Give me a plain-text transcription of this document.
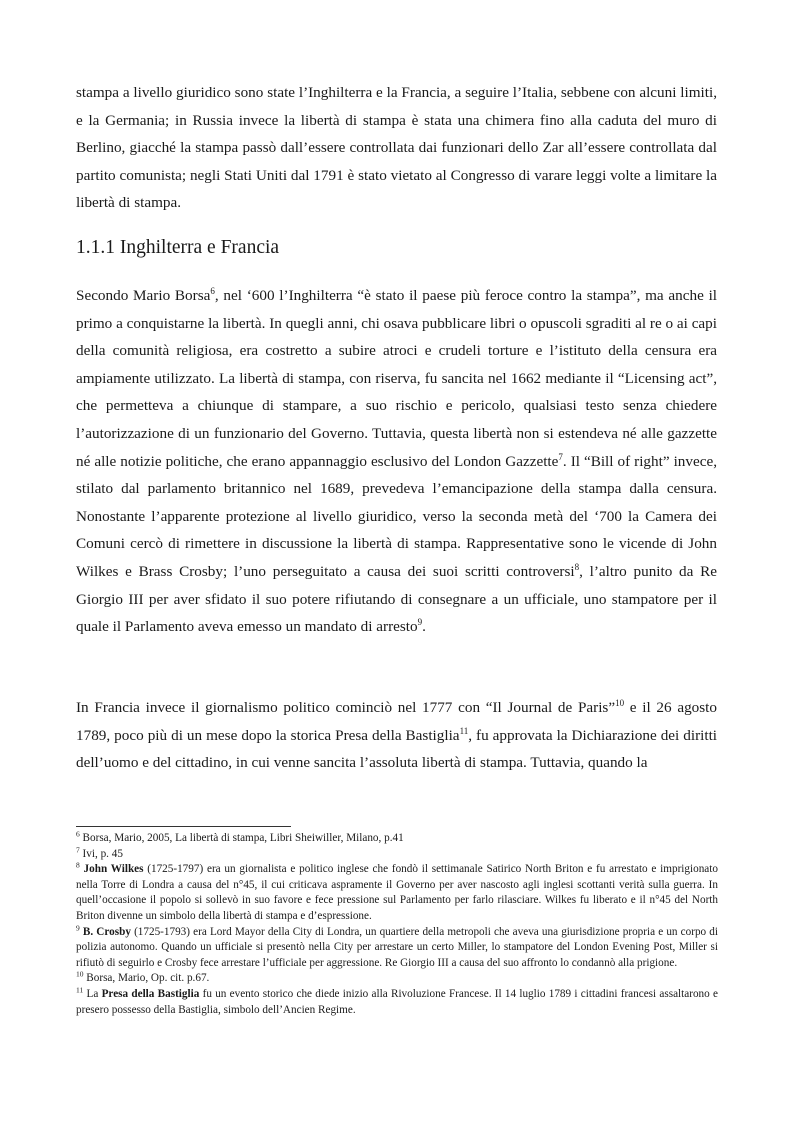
stampa a livello giuridico sono state l’Inghilterra e la Francia, a seguire l’Italia, sebbene con alcuni limiti, e la Germania; in Russia invece la libertà di stampa è stata una chimera fino alla caduta del muro di Berlino, giacché la stampa passò dall’essere controllata dai funzionari dello Zar all’essere controllata dal partito comunista; negli Stati Uniti dal 1791 è stato vietato al Congresso di varare leggi volte a limitare la libertà di stampa.

1.1.1 Inghilterra e Francia

Secondo Mario Borsa$^6$, nel ‘600 l’Inghilterra “è stato il paese più feroce contro la stampa”, ma anche il primo a conquistarne la libertà. In quegli anni, chi osava pubblicare libri o opuscoli sgraditi al re o ai capi della comunità religiosa, era costretto a subire atroci e crudeli torture e l’istituto della censura era ampiamente utilizzato. La libertà di stampa, con riserva, fu sancita nel 1662 mediante il “Licensing act”, che permetteva a chiunque di stampare, a suo rischio e pericolo, qualsiasi testo senza chiedere l’autorizzazione di un funzionario del Governo. Tuttavia, questa libertà non si estendeva né alle gazzette né alle notizie politiche, che erano appannaggio esclusivo del London Gazzette$^7$. Il “Bill of right” invece, stilato dal parlamento britannico nel 1689, prevedeva l’emancipazione della stampa dalla censura. Nonostante l’apparente protezione al livello giuridico, verso la seconda metà del ‘700 la Camera dei Comuni cercò di rimettere in discussione la libertà di stampa. Rappresentative sono le vicende di John Wilkes e Brass Crosby; l’uno perseguitato a causa dei suoi scritti controversi$^8$, l’altro punito da Re Giorgio III per aver sfidato il suo potere rifiutando di consegnare a un ufficiale, uno stampatore per il quale il Parlamento aveva emesso un mandato di arresto$^9$.

In Francia invece il giornalismo politico cominciò nel 1777 con “Il Journal de Paris”$^{10}$ e il 26 agosto 1789, poco più di un mese dopo la storica Presa della Bastiglia$^{11}$, fu approvata la Dichiarazione dei diritti dell’uomo e del cittadino, in cui venne sancita l’assoluta libertà di stampa. Tuttavia, quando la

$^6$ Borsa, Mario, 2005, La libertà di stampa, Libri Sheiwiller, Milano, p.41

$^7$ Ivi, p. 45

$^8$ John Wilkes (1725-1797) era un giornalista e politico inglese che fondò il settimanale Satirico North Briton e fu arrestato e imprigionato nella Torre di Londra a causa del n°45, il cui criticava aspramente il Governo per aver nascosto agli inglesi scottanti verità sulla guerra. In quell’occasione il popolo si sollevò in suo favore e fece pressione sul Parlamento per farlo rilasciare. Wilkes fu liberato e il n°45 del North Briton divenne un simbolo della libertà di stampa e d’espressione.

$^9$ B. Crosby (1725-1793) era Lord Mayor della City di Londra, un quartiere della metropoli che aveva una giurisdizione propria e un corpo di polizia autonomo. Quando un ufficiale si presentò nella City per arrestare un certo Miller, lo stampatore del London Evening Post, Miller si rifiutò di seguirlo e Crosby fece arrestare l’ufficiale per aggressione. Re Giorgio III a causa del suo affronto lo condannò alla prigione.

$^{10}$ Borsa, Mario, Op. cit. p.67.

$^{11}$ La Presa della Bastiglia fu un evento storico che diede inizio alla Rivoluzione Francese. Il 14 luglio 1789 i cittadini francesi assaltarono e presero possesso della Bastiglia, simbolo dell’Ancien Regime.
